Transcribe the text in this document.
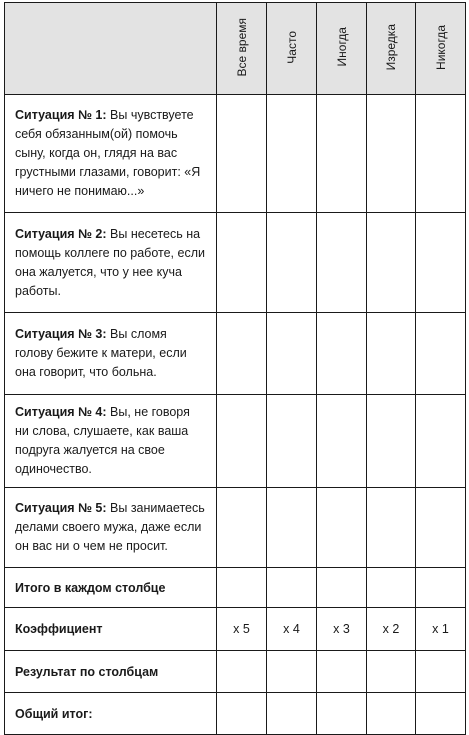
	Все время	Часто	Иногда	Изредка	Никогда
Ситуация № 1: Вы чувствуете себя обязанным(ой) помочь сыну, когда он, глядя на вас грустными глазами, говорит: «Я ничего не понимаю...»					
Ситуация № 2: Вы несетесь на помощь коллеге по работе, если она жалуется, что у нее куча работы.					
Ситуация № 3: Вы сломя голову бежите к матери, если она говорит, что больна.					
Ситуация № 4: Вы, не говоря ни слова, слушаете, как ваша подруга жалуется на свое одиночество.					
Ситуация № 5: Вы занимаетесь делами своего мужа, даже если он вас ни о чем не просит.					
Итого в каждом столбце					
Коэффициент	х 5	х 4	х 3	х 2	х 1
Результат по столбцам					
Общий итог:					
